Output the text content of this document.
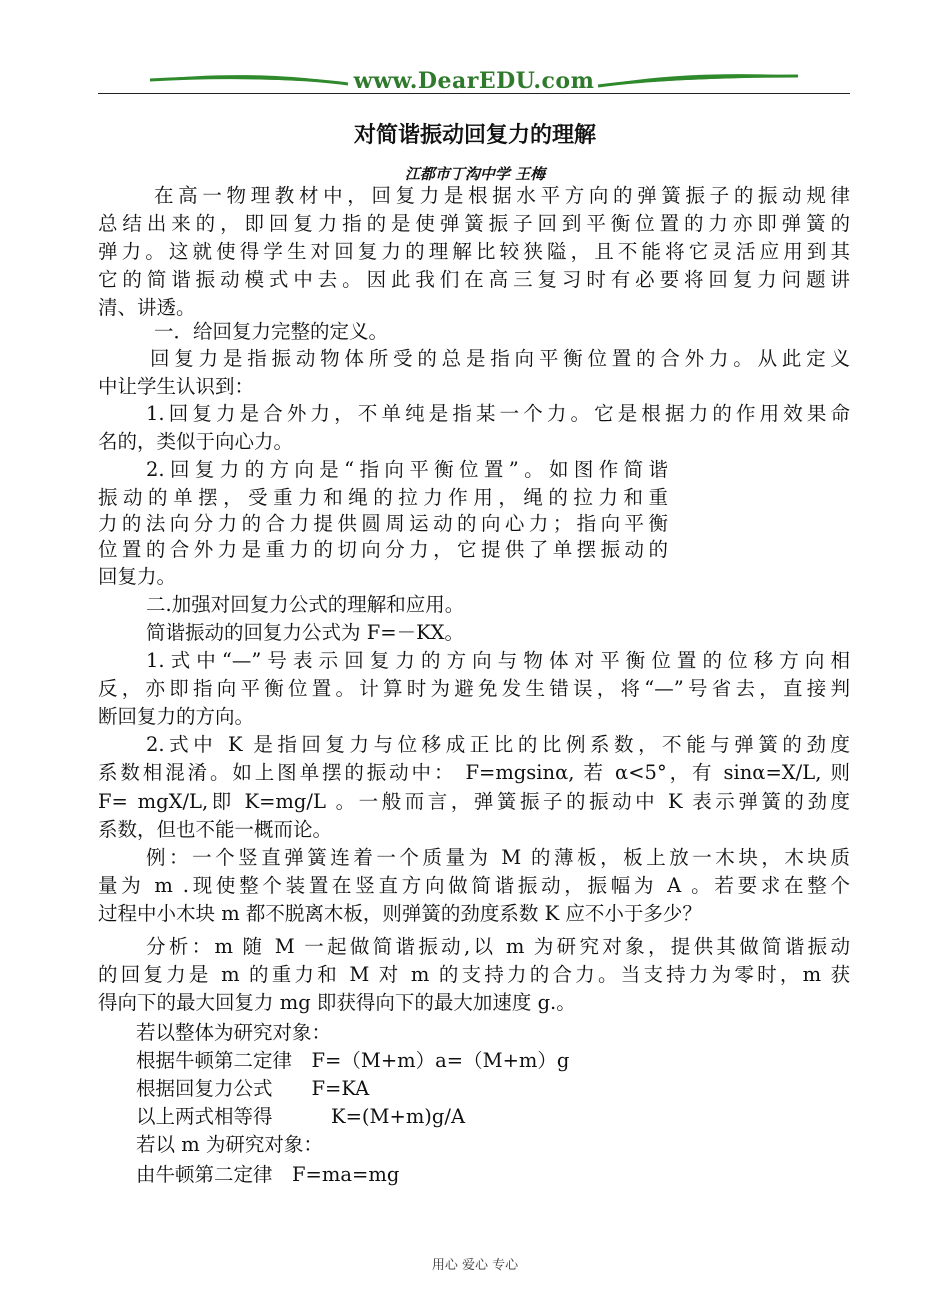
www.DearEDU.com
对简谐振动回复力的理解
江都市丁沟中学 王梅
在高一物理教材中，回复力是根据水平方向的弹簧振子的振动规律
总结出来的，即回复力指的是使弹簧振子回到平衡位置的力亦即弹簧的
弹力。这就使得学生对回复力的理解比较狭隘，且不能将它灵活应用到其
它的简谐振动模式中去。因此我们在高三复习时有必要将回复力问题讲
清、讲透。
一．给回复力完整的定义。
回复力是指振动物体所受的总是指向平衡位置的合外力。从此定义
中让学生认识到：
1.回复力是合外力，不单纯是指某一个力。它是根据力的作用效果命
名的，类似于向心力。
2.回复力的方向是“指向平衡位置”。如图作简谐
振动的单摆，受重力和绳的拉力作用，绳的拉力和重
力的法向分力的合力提供圆周运动的向心力；指向平衡
位置的合外力是重力的切向分力，它提供了单摆振动的
回复力。
二.加强对回复力公式的理解和应用。
简谐振动的回复力公式为 F=－KX。
1.式中“—”号表示回复力的方向与物体对平衡位置的位移方向相
反，亦即指向平衡位置。计算时为避免发生错误，将“—”号省去，直接判
断回复力的方向。
2.式中 K 是指回复力与位移成正比的比例系数，不能与弹簧的劲度
系数相混淆。如上图单摆的振动中： F=mgsinα, 若 α<5°，有 sinα=X/L, 则
F= mgX/L,即 K=mg/L 。一般而言，弹簧振子的振动中 K 表示弹簧的劲度
系数，但也不能一概而论。
例：一个竖直弹簧连着一个质量为 M 的薄板，板上放一木块，木块质
量为 m .现使整个装置在竖直方向做简谐振动，振幅为 A 。若要求在整个
过程中小木块 m 都不脱离木板，则弹簧的劲度系数 K 应不小于多少？
分析：m 随 M 一起做简谐振动,以 m 为研究对象，提供其做简谐振动
的回复力是 m 的重力和 M 对 m 的支持力的合力。当支持力为零时，m 获
得向下的最大回复力 mg 即获得向下的最大加速度 g.。
若以整体为研究对象：
根据牛顿第二定律　F=（M+m）a=（M+m）g
根据回复力公式　　F=KA
以上两式相等得　　　K=(M+m)g/A
若以 m 为研究对象：
由牛顿第二定律　F=ma=mg
用心 爱心 专心
